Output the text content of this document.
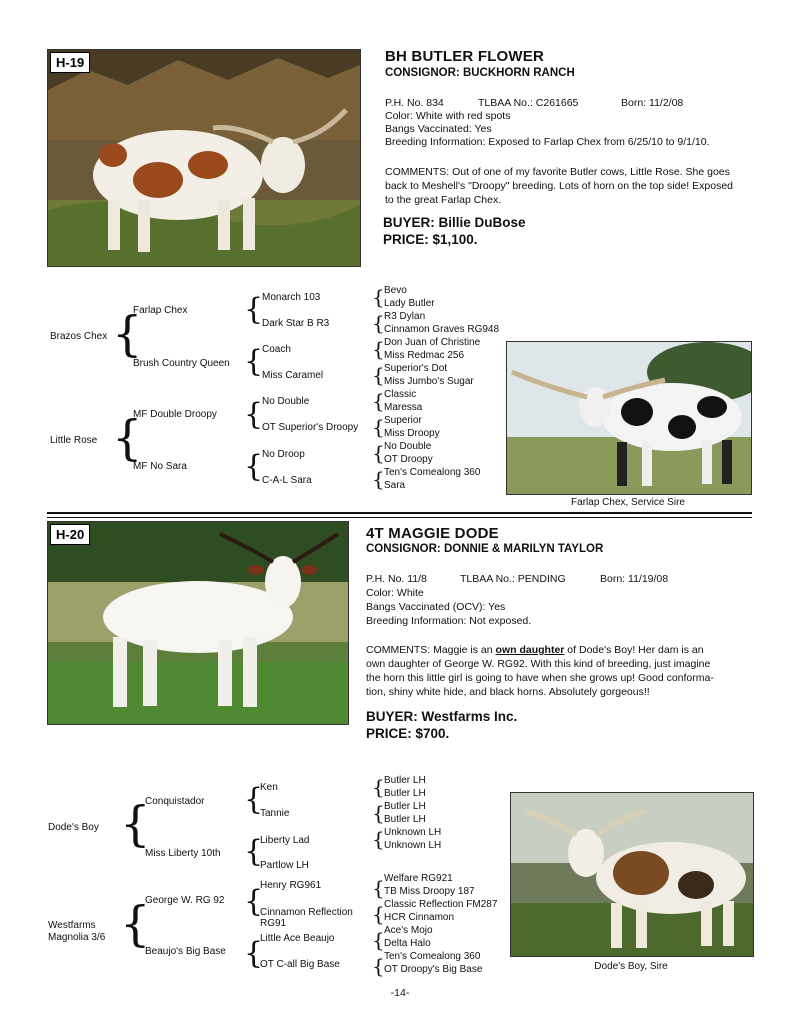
H-19	BH BUTLER FLOWER
CONSIGNOR: BUCKHORN RANCH
P.H. No. 834	TLBAA No.: C261665	Born: 11/2/08
Color: White with red spots
Bangs Vaccinated: Yes
Breeding Information: Exposed to Farlap Chex from 6/25/10 to 9/1/10.
COMMENTS: Out of one of my favorite Butler cows, Little Rose. She goes
back to Meshell's "Droopy" breeding. Lots of horn on the top side! Exposed
to the great Farlap Chex.
BUYER: Billie DuBose
PRICE: $1,100.
Brazos Chex
Little Rose
{
{
Farlap Chex
Brush Country Queen
MF Double Droopy
MF No Sara
{
{
{
{
Monarch 103
Dark Star B R3
Coach
Miss Caramel
No Double
OT Superior's Droopy
No Droop
C-A-L Sara
{
{
{
{
{
{
{
{
Bevo
Lady Butler
R3 Dylan
Cinnamon Graves RG948
Don Juan of Christine
Miss Redmac 256
Superior's Dot
Miss Jumbo's Sugar
Classic
Maressa
Superior
Miss Droopy
No Double
OT Droopy
Ten's Comealong 360
Sara
Farlap Chex, Service Sire
H-20	4T MAGGIE DODE
CONSIGNOR: DONNIE & MARILYN TAYLOR
P.H. No. 11/8	TLBAA No.: PENDING	Born: 11/19/08
Color: White
Bangs Vaccinated (OCV): Yes
Breeding Information: Not exposed.
COMMENTS: Maggie is an own daughter of Dode's Boy! Her dam is an
own daughter of George W. RG92. With this kind of breeding, just imagine
the horn this little girl is going to have when she grows up! Good conforma-
tion, shiny white hide, and black horns. Absolutely gorgeous!!
BUYER: Westfarms Inc.
PRICE: $700.
Dode's Boy
Westfarms
Magnolia 3/6
{
{
Conquistador
Miss Liberty 10th
George W. RG 92
Beaujo's Big Base
{
{
{
{
Ken
Tannie
Liberty Lad
Partlow LH
Henry RG961
Cinnamon Reflection
RG91
Little Ace Beaujo
OT C-all Big Base
{
{
{
{
{
{
{
Butler LH
Butler LH
Butler LH
Butler LH
Unknown LH
Unknown LH
Welfare RG921
TB Miss Droopy 187
Classic Reflection FM287
HCR Cinnamon
Ace's Mojo
Delta Halo
Ten's Comealong 360
OT Droopy's Big Base	Dode's Boy, Sire
-14-
